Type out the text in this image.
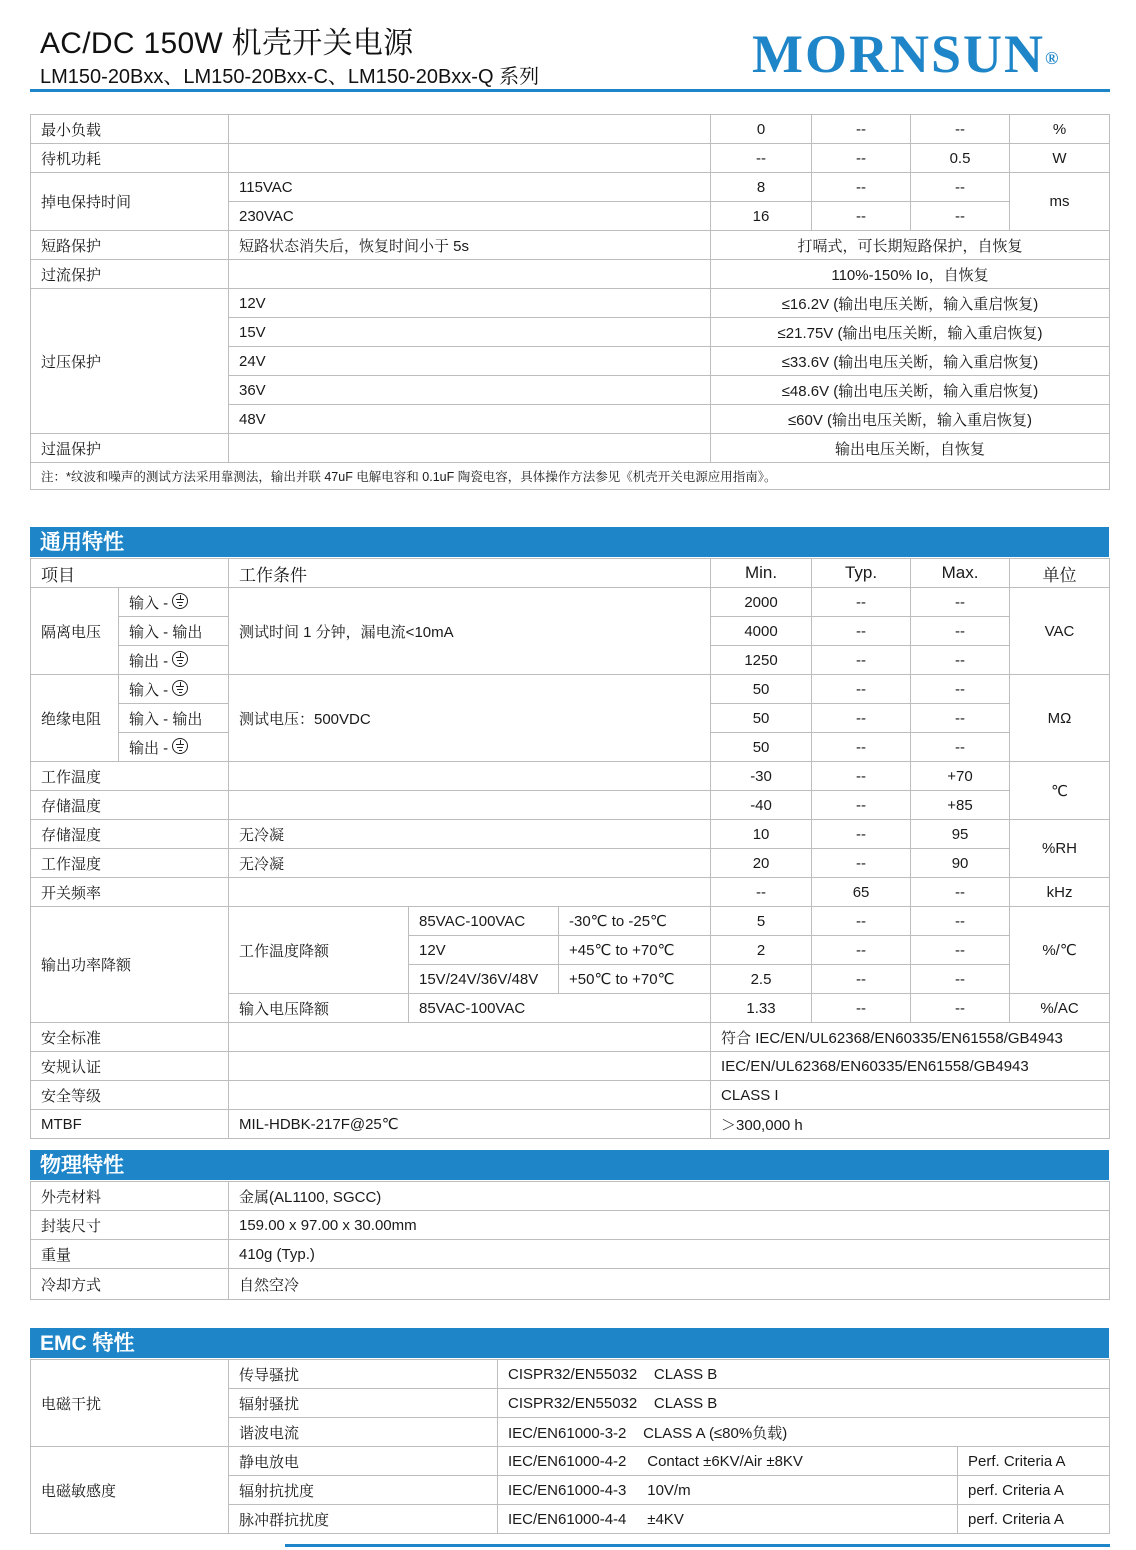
AC/DC 150W 机壳开关电源
LM150-20Bxx、LM150-20Bxx-C、LM150-20Bxx-Q 系列	MORNSUN®
最小负载		0	--	--	%
待机功耗		--	--	0.5	W
掉电保持时间	115VAC	8	--	--	ms
	230VAC	16	--	--	
短路保护	短路状态消失后，恢复时间小于 5s	打嗝式，可长期短路保护，自恢复			
过流保护		110%-150% Io，自恢复			
过压保护	12V	≤16.2V (输出电压关断，输入重启恢复)			
	15V	≤21.75V (输出电压关断，输入重启恢复)			
	24V	≤33.6V (输出电压关断，输入重启恢复)			
	36V	≤48.6V (输出电压关断，输入重启恢复)			
	48V	≤60V (输出电压关断，输入重启恢复)			
过温保护		输出电压关断，自恢复			
注：*纹波和噪声的测试方法采用靠测法，输出并联 47uF 电解电容和 0.1uF 陶瓷电容，具体操作方法参见《机壳开关电源应用指南》。					
通用特性
项目		工作条件			Min.	Typ.	Max.	单位
隔离电压	输入 -	测试时间 1 分钟，漏电流<10mA			2000	--	--	VAC
	输入 - 输出				4000	--	--	
	输出 -				1250	--	--	
绝缘电阻	输入 -	测试电压：500VDC			50	--	--	MΩ
	输入 - 输出				50	--	--	
	输出 -				50	--	--	
工作温度					-30	--	+70	℃
存储温度					-40	--	+85	
存储湿度		无冷凝			10	--	95	%RH
工作湿度		无冷凝			20	--	90	
开关频率					--	65	--	kHz
输出功率降额		工作温度降额	85VAC-100VAC	-30℃ to -25℃	5	--	--	%/℃
			12V	+45℃ to +70℃	2	--	--	
			15V/24V/36V/48V	+50℃ to +70℃	2.5	--	--	
		输入电压降额	85VAC-100VAC		1.33	--	--	%/AC
安全标准					符合 IEC/EN/UL62368/EN60335/EN61558/GB4943			
安规认证					IEC/EN/UL62368/EN60335/EN61558/GB4943			
安全等级					CLASS I			
MTBF		MIL-HDBK-217F@25℃			＞300,000 h			
物理特性
外壳材料	金属(AL1100, SGCC)
封装尺寸	159.00 x 97.00 x 30.00mm
重量	410g (Typ.)
冷却方式	自然空冷
EMC 特性
电磁干扰	传导骚扰	CISPR32/EN55032    CLASS B	
	辐射骚扰	CISPR32/EN55032    CLASS B	
	谐波电流	IEC/EN61000-3-2    CLASS A (≤80%负载)	
电磁敏感度	静电放电	IEC/EN61000-4-2     Contact ±6KV/Air ±8KV	Perf. Criteria A
	辐射抗扰度	IEC/EN61000-4-3     10V/m	perf. Criteria A
	脉冲群抗扰度	IEC/EN61000-4-4     ±4KV	perf. Criteria A
